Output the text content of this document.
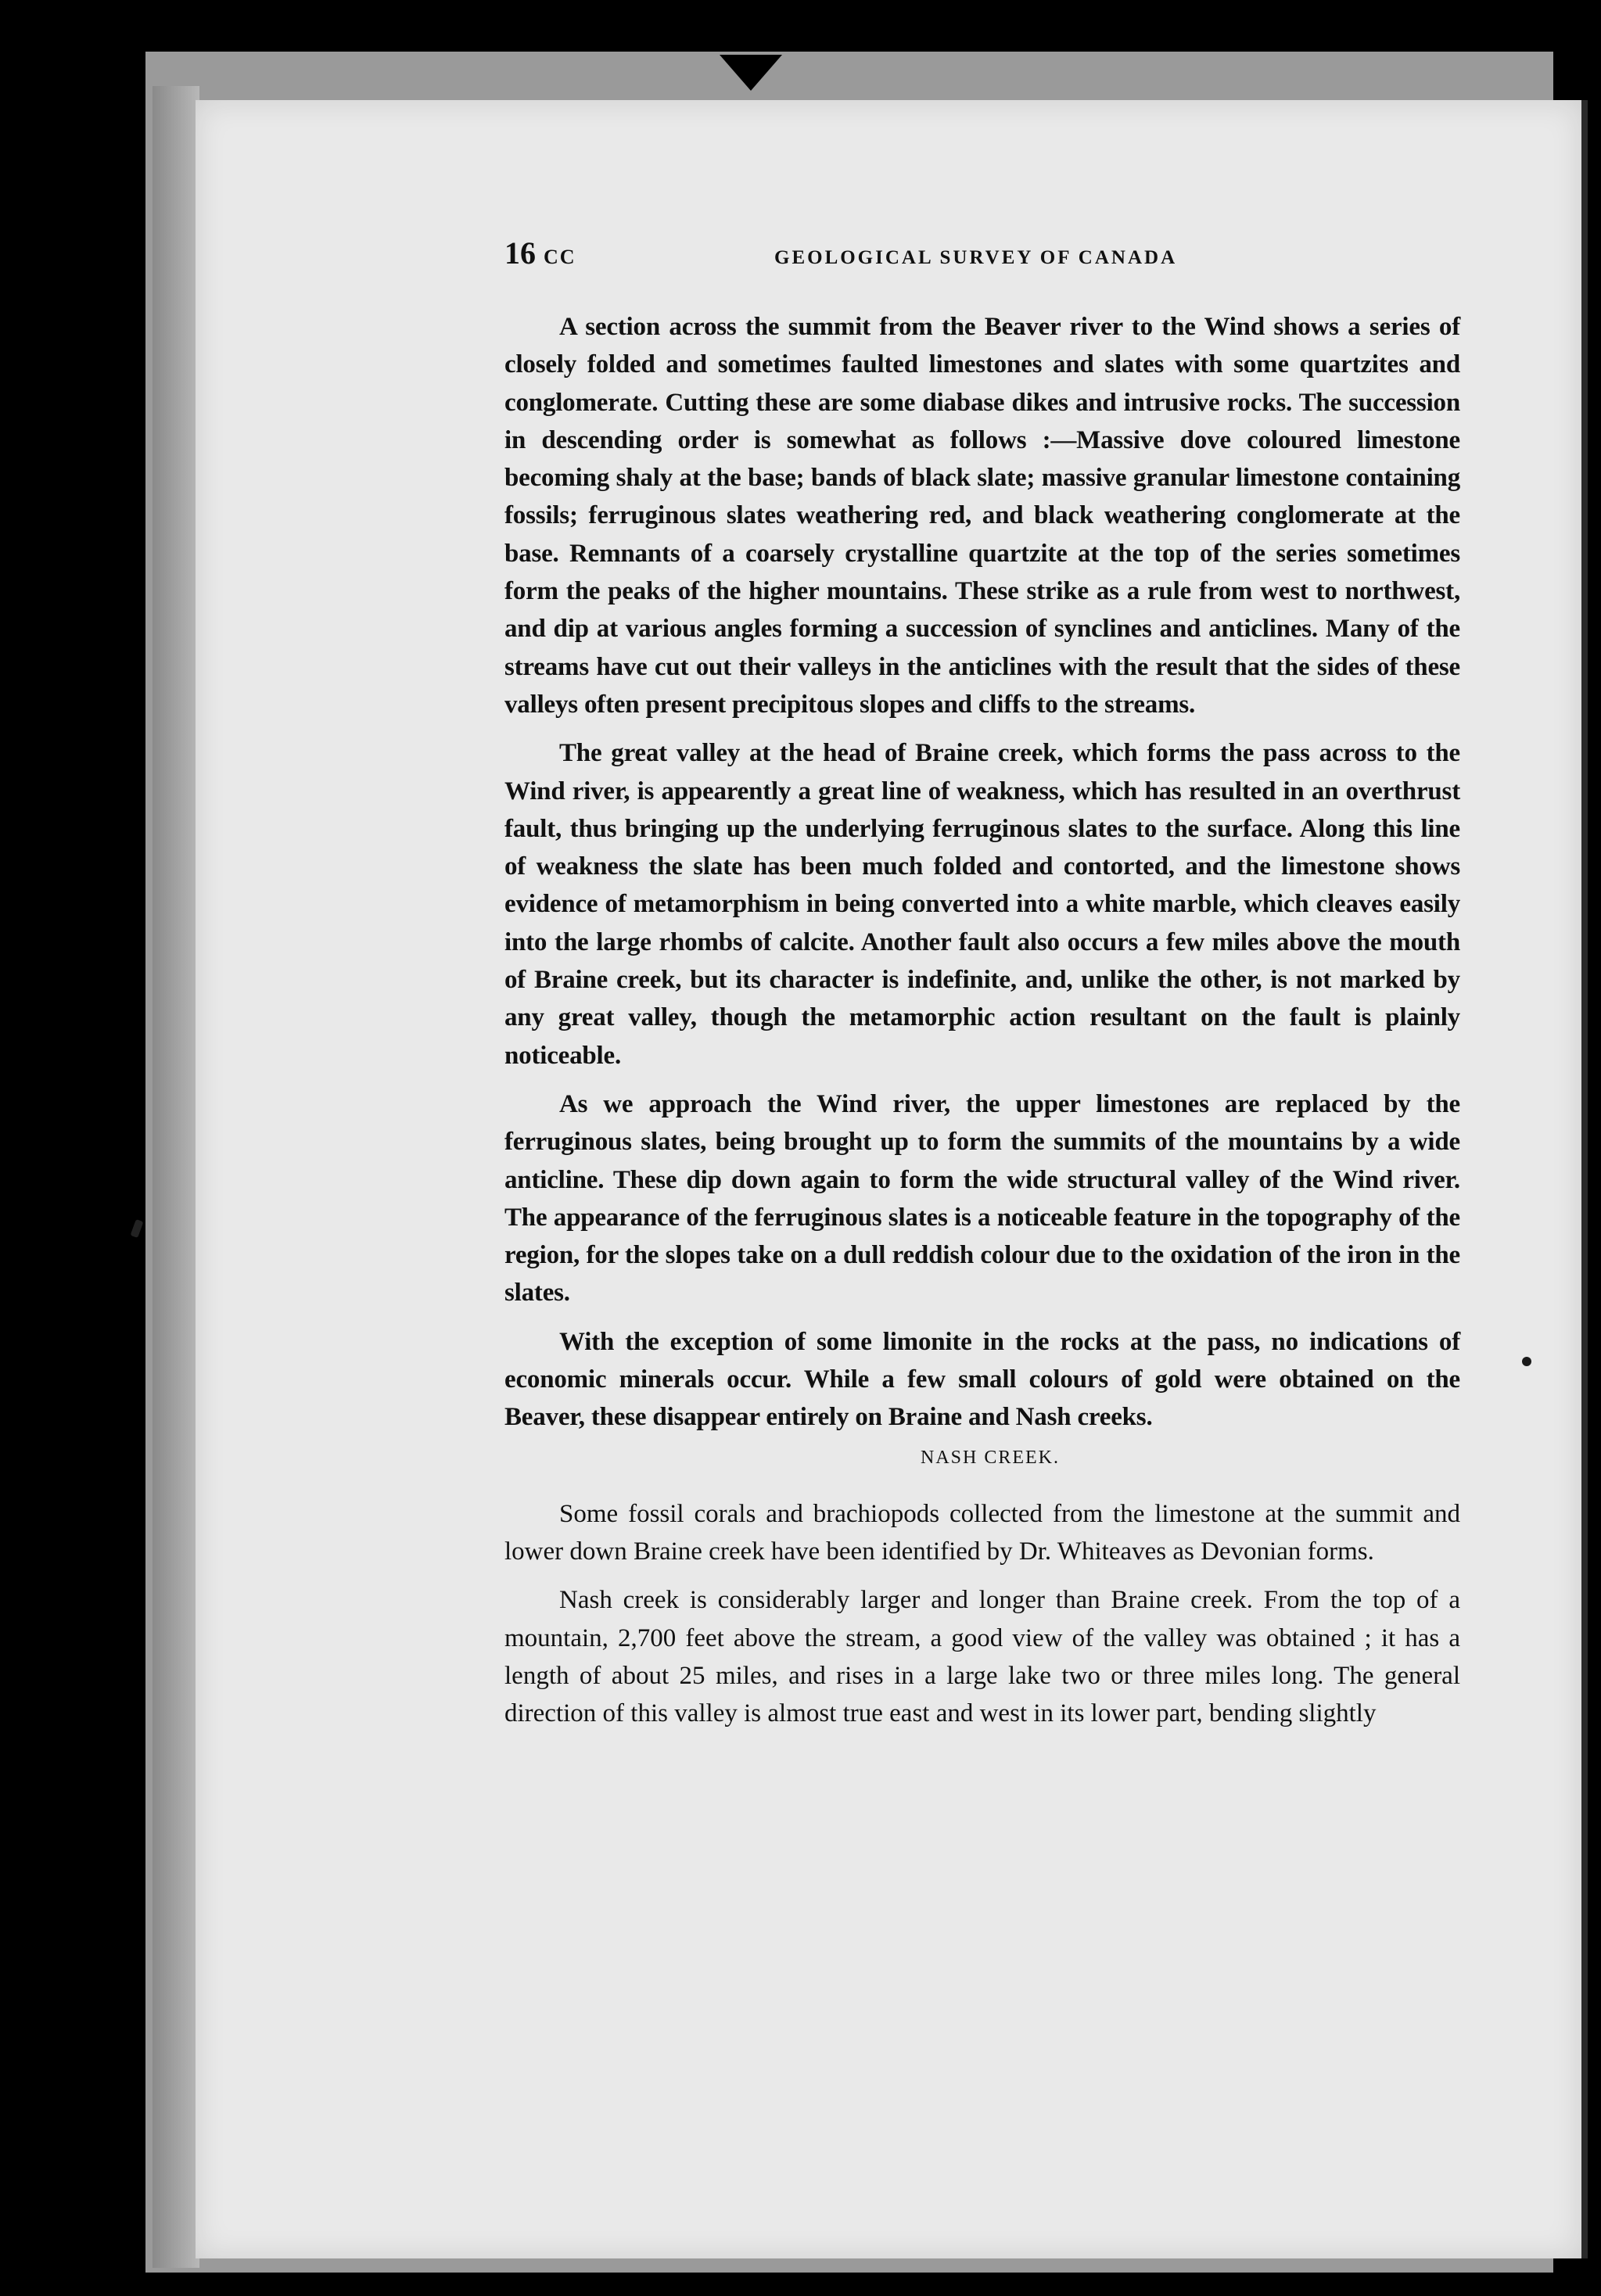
16 CC	GEOLOGICAL SURVEY OF CANADA

A section across the summit from the Beaver river to the Wind shows a series of closely folded and sometimes faulted limestones and slates with some quartzites and conglomerate. Cutting these are some diabase dikes and intrusive rocks. The succession in descending order is somewhat as follows :—Massive dove coloured limestone becoming shaly at the base; bands of black slate; massive granular limestone containing fossils; ferruginous slates weathering red, and black weathering conglomerate at the base. Remnants of a coarsely crystalline quartzite at the top of the series sometimes form the peaks of the higher mountains. These strike as a rule from west to northwest, and dip at various angles forming a succession of synclines and anticlines. Many of the streams have cut out their valleys in the anticlines with the result that the sides of these valleys often present precipitous slopes and cliffs to the streams.

The great valley at the head of Braine creek, which forms the pass across to the Wind river, is appearently a great line of weakness, which has resulted in an overthrust fault, thus bringing up the underlying ferruginous slates to the surface. Along this line of weakness the slate has been much folded and contorted, and the limestone shows evidence of metamorphism in being converted into a white marble, which cleaves easily into the large rhombs of calcite. Another fault also occurs a few miles above the mouth of Braine creek, but its character is indefinite, and, unlike the other, is not marked by any great valley, though the metamorphic action resultant on the fault is plainly noticeable.

As we approach the Wind river, the upper limestones are replaced by the ferruginous slates, being brought up to form the summits of the mountains by a wide anticline. These dip down again to form the wide structural valley of the Wind river. The appearance of the ferruginous slates is a noticeable feature in the topography of the region, for the slopes take on a dull reddish colour due to the oxidation of the iron in the slates.

With the exception of some limonite in the rocks at the pass, no indications of economic minerals occur. While a few small colours of gold were obtained on the Beaver, these disappear entirely on Braine and Nash creeks.

NASH CREEK.

Some fossil corals and brachiopods collected from the limestone at the summit and lower down Braine creek have been identified by Dr. Whiteaves as Devonian forms.

Nash creek is considerably larger and longer than Braine creek. From the top of a mountain, 2,700 feet above the stream, a good view of the valley was obtained ; it has a length of about 25 miles, and rises in a large lake two or three miles long. The general direction of this valley is almost true east and west in its lower part, bending slightly
